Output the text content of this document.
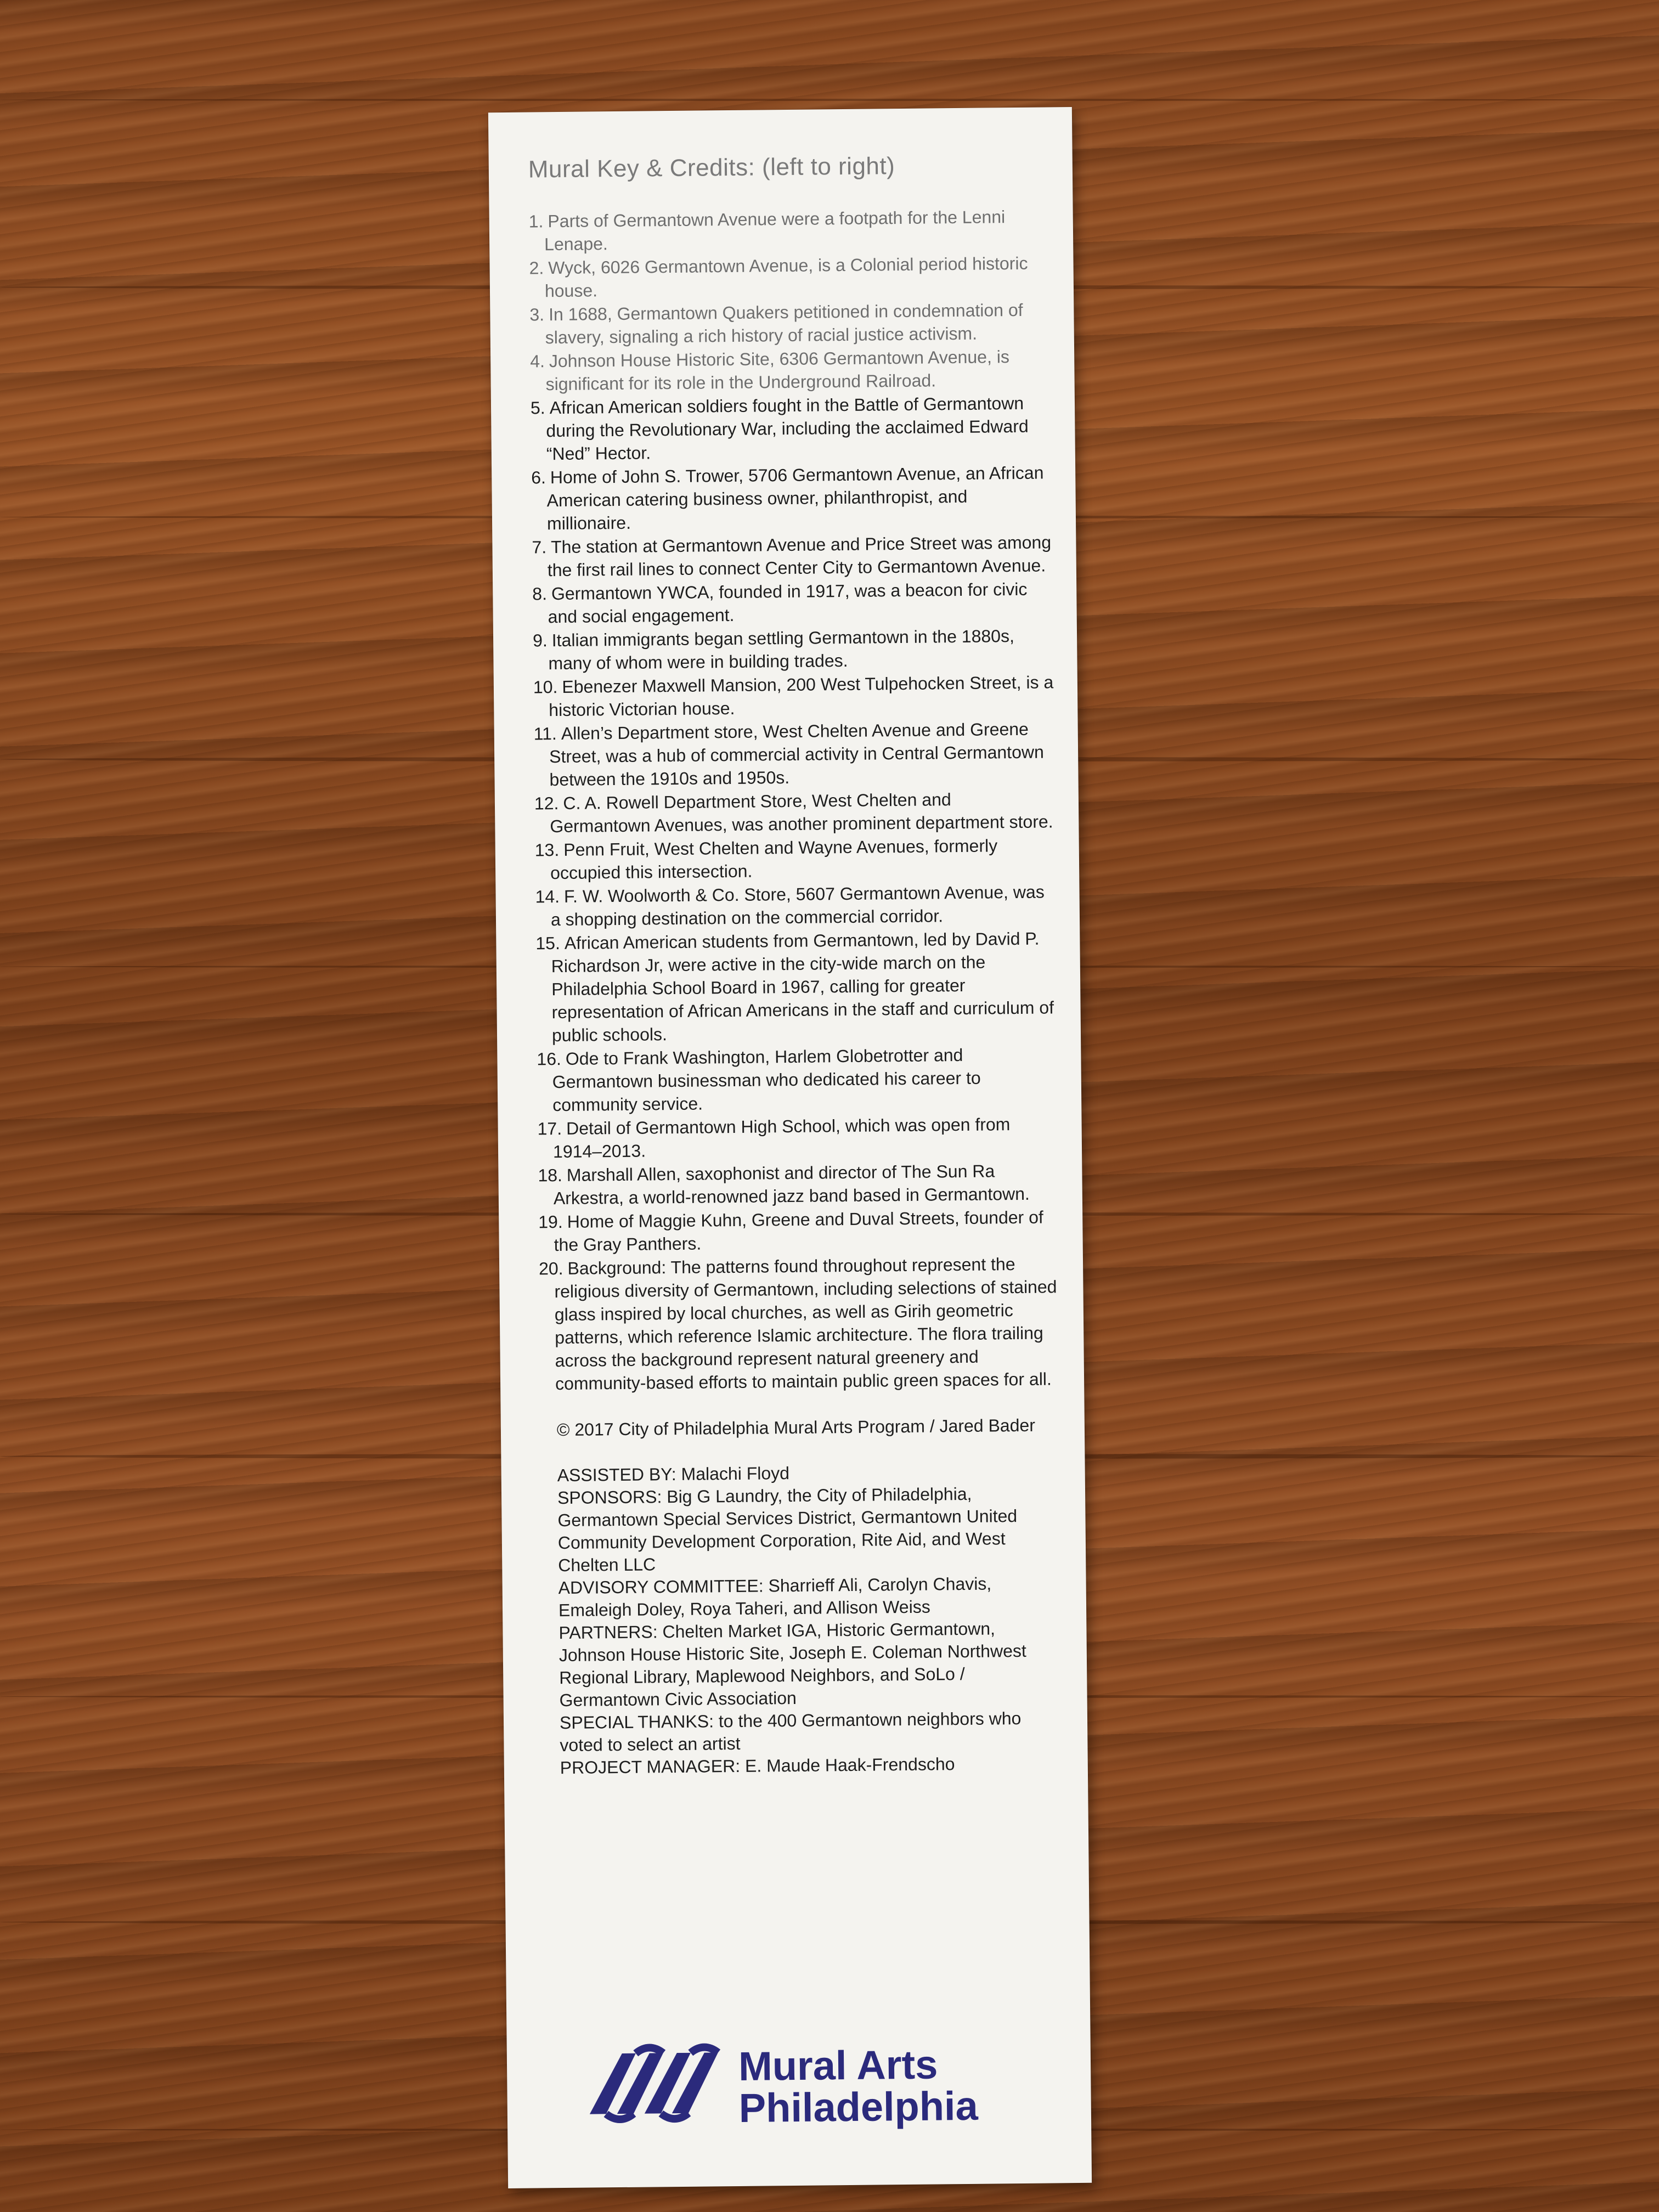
Mural Key & Credits: (left to right)
1. Parts of Germantown Avenue were a footpath for the Lenni Lenape.
2. Wyck, 6026 Germantown Avenue, is a Colonial period historic house.
3. In 1688, Germantown Quakers petitioned in condemnation of slavery, signaling a rich history of racial justice activism.
4. Johnson House Historic Site, 6306 Germantown Avenue, is significant for its role in the Underground Railroad.
5. African American soldiers fought in the Battle of Germantown during the Revolutionary War, including the acclaimed Edward “Ned” Hector.
6. Home of John S. Trower, 5706 Germantown Avenue, an African American catering business owner, philanthropist, and millionaire.
7. The station at Germantown Avenue and Price Street was among the first rail lines to connect Center City to Germantown Avenue.
8. Germantown YWCA, founded in 1917, was a beacon for civic and social engagement.
9. Italian immigrants began settling Germantown in the 1880s, many of whom were in building trades.
10. Ebenezer Maxwell Mansion, 200 West Tulpehocken Street, is a historic Victorian house.
11. Allen’s Department store, West Chelten Avenue and Greene Street, was a hub of commercial activity in Central Germantown between the 1910s and 1950s.
12. C. A. Rowell Department Store, West Chelten and Germantown Avenues, was another prominent department store.
13. Penn Fruit, West Chelten and Wayne Avenues, formerly occupied this intersection.
14. F. W. Woolworth & Co. Store, 5607 Germantown Avenue, was a shopping destination on the commercial corridor.
15. African American students from Germantown, led by David P. Richardson Jr, were active in the city-wide march on the Philadelphia School Board in 1967, calling for greater representation of African Americans in the staff and curriculum of public schools.
16. Ode to Frank Washington, Harlem Globetrotter and Germantown businessman who dedicated his career to community service.
17. Detail of Germantown High School, which was open from 1914–2013.
18. Marshall Allen, saxophonist and director of The Sun Ra Arkestra, a world-renowned jazz band based in Germantown.
19. Home of Maggie Kuhn, Greene and Duval Streets, founder of the Gray Panthers.
20. Background: The patterns found throughout represent the religious diversity of Germantown, including selections of stained glass inspired by local churches, as well as Girih geometric patterns, which reference Islamic architecture. The flora trailing across the background represent natural greenery and community-based efforts to maintain public green spaces for all.
© 2017 City of Philadelphia Mural Arts Program / Jared Bader
ASSISTED BY: Malachi Floyd
SPONSORS: Big G Laundry, the City of Philadelphia, Germantown Special Services District, Germantown United Community Development Corporation, Rite Aid, and West Chelten LLC
ADVISORY COMMITTEE: Sharrieff Ali, Carolyn Chavis, Emaleigh Doley, Roya Taheri, and Allison Weiss
PARTNERS: Chelten Market IGA, Historic Germantown, Johnson House Historic Site, Joseph E. Coleman Northwest Regional Library, Maplewood Neighbors, and SoLo / Germantown Civic Association
SPECIAL THANKS: to the 400 Germantown neighbors who voted to select an artist
PROJECT MANAGER: E. Maude Haak-Frendscho
Mural Arts
Philadelphia
